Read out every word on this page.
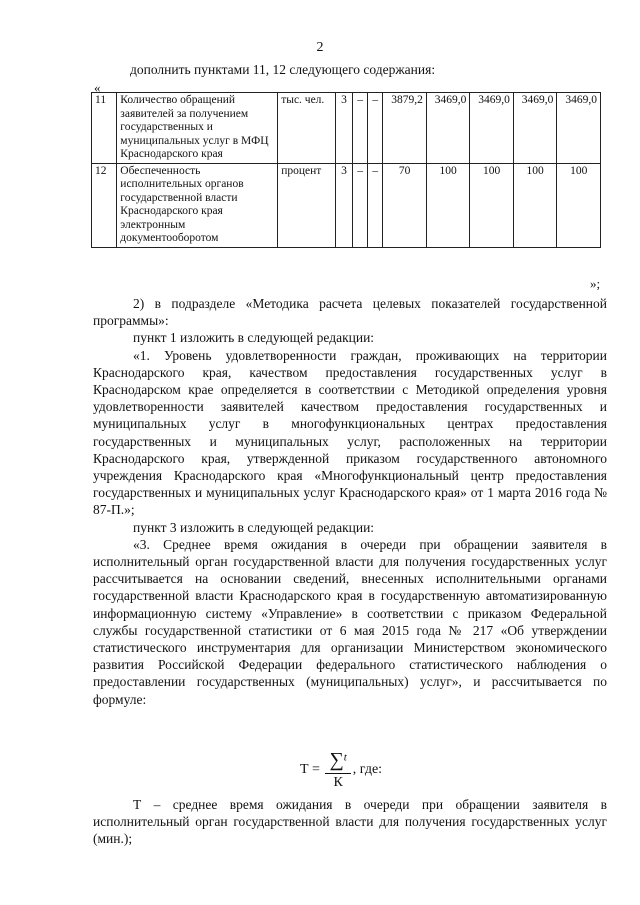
2
дополнить пунктами 11, 12 следующего содержания:
«
11	Количество обращений заявителей за получением государственных и муниципальных услуг в МФЦ Краснодарского края	тыс. чел.	3	–	–	3879,2	3469,0	3469,0	3469,0	3469,0
12	Обеспеченность исполнительных органов государственной власти Краснодарского края электронным документооборотом	процент	3	–	–	70	100	100	100	100
»;

2) в подразделе «Методика расчета целевых показателей государственной программы»:

пункт 1 изложить в следующей редакции:

«1. Уровень удовлетворенности граждан, проживающих на территории Краснодарского края, качеством предоставления государственных услуг в Краснодарском крае определяется в соответствии с Методикой определения уровня удовлетворенности заявителей качеством предоставления государственных и муниципальных услуг в многофункциональных центрах предоставления государственных и муниципальных услуг, расположенных на территории Краснодарского края, утвержденной приказом государственного автономного учреждения Краснодарского края «Многофункциональный центр предоставления государственных и муниципальных услуг Краснодарского края» от 1 марта 2016 года № 87-П.»;

пункт 3 изложить в следующей редакции:

«3. Среднее время ожидания в очереди при обращении заявителя в исполнительный орган государственной власти для получения государственных услуг рассчитывается на основании сведений, внесенных исполнительными органами государственной власти Краснодарского края в государственную автоматизированную информационную систему «Управление» в соответствии с приказом Федеральной службы государственной статистики от 6 мая 2015 года № 217 «Об утверждении статистического инструментария для организации Министерством экономического развития Российской Федерации федерального статистического наблюдения о предоставлении государственных (муниципальных) услуг», и рассчитывается по формуле:

$Т = \frac{\sum^t}{К}$ , где:

Т – среднее время ожидания в очереди при обращении заявителя в исполнительный орган государственной власти для получения государственных услуг (мин.);
